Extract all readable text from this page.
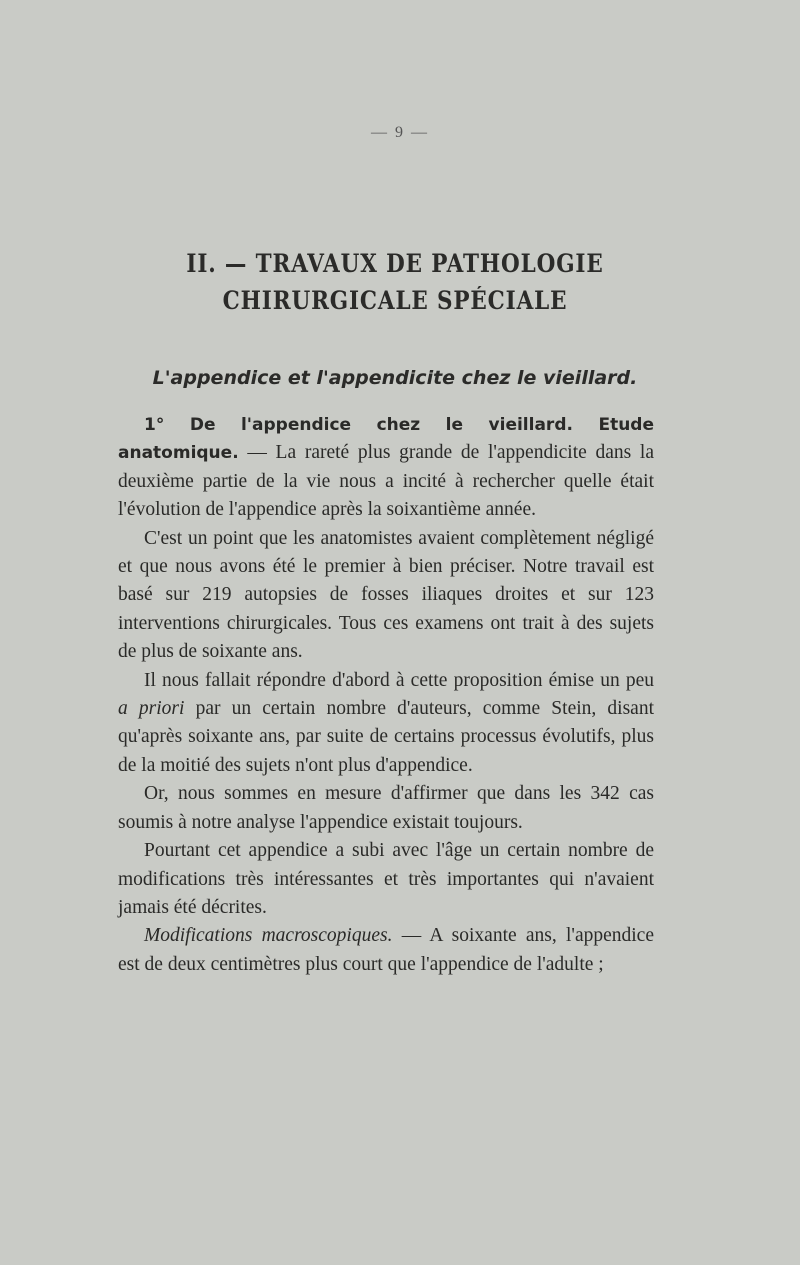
— 9 —
II. — TRAVAUX DE PATHOLOGIE
CHIRURGICALE SPÉCIALE
L'appendice et l'appendicite chez le vieillard.

1° De l'appendice chez le vieillard. Etude anatomique. — La rareté plus grande de l'appendicite dans la deuxième partie de la vie nous a incité à rechercher quelle était l'évolution de l'appendice après la soixantième année.

C'est un point que les anatomistes avaient complètement négligé et que nous avons été le premier à bien préciser. Notre travail est basé sur 219 autopsies de fosses iliaques droites et sur 123 interventions chirurgicales. Tous ces examens ont trait à des sujets de plus de soixante ans.

Il nous fallait répondre d'abord à cette proposition émise un peu a priori par un certain nombre d'auteurs, comme Stein, disant qu'après soixante ans, par suite de certains processus évolutifs, plus de la moitié des sujets n'ont plus d'appendice.

Or, nous sommes en mesure d'affirmer que dans les 342 cas soumis à notre analyse l'appendice existait toujours.

Pourtant cet appendice a subi avec l'âge un certain nombre de modifications très intéressantes et très importantes qui n'avaient jamais été décrites.

Modifications macroscopiques. — A soixante ans, l'appendice est de deux centimètres plus court que l'appendice de l'adulte ;
